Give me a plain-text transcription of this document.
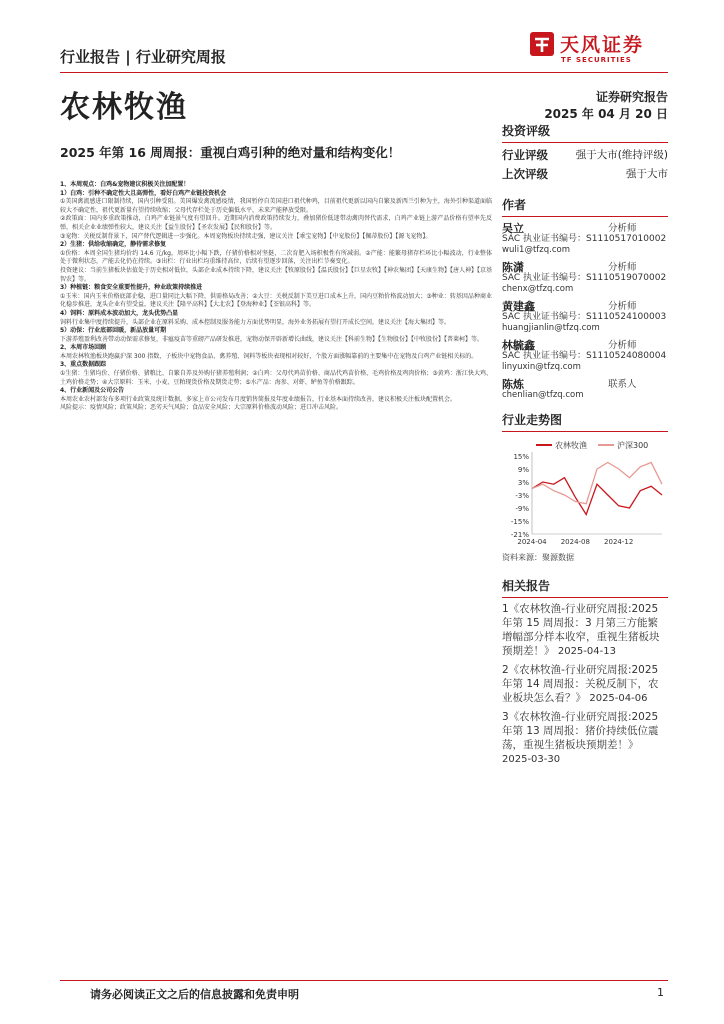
行业报告 | 行业研究周报
天风证券
TF SECURITIES
农林牧渔	证券研究报告
2025 年 04 月 20 日
投资评级
行业评级	强于大市(维持评级)
上次评级	强于大市
作者
吴立	分析师
SAC 执业证书编号：S1110517010002
wuli1@tfzq.com
陈潇	分析师
SAC 执业证书编号：S1110519070002
chenx@tfzq.com
黄建鑫	分析师
SAC 执业证书编号：S1110524100003
huangjianlin@tfzq.com
林毓鑫	分析师
SAC 执业证书编号：S1110524080004
linyuxin@tfzq.com
陈炼	联系人
chenlian@tfzq.com
行业走势图
农林牧渔	沪深300
15%
9%
3%
-3%
-9%
-15%
-21%
2024-04 2024-08 2024-12
资料来源：聚源数据
相关报告
1《农林牧渔-行业研究周报:2025 年第 15 周周报：3 月第三方能繁增幅部分样本收窄，重视生猪板块预期差！》 2025-04-13
2《农林牧渔-行业研究周报:2025 年第 14 周周报：关税反制下，农业板块怎么看？》 2025-04-06
3《农林牧渔-行业研究周报:2025 年第 13 周周报：猪价持续低位震荡，重视生猪板块预期差！》 2025-03-30
2025 年第 16 周周报：重视白鸡引种的绝对量和结构变化！

1、本周观点：白鸡&宠物建议积极关注加配置！

1）白鸡：引种不确定性大且高弹性，看好白鸡产业链投资机会

①美国禽流感进口限制持续，国内引种受阻。美国爆发禽流感疫情，我国暂停自美国进口祖代种鸡，目前祖代更新以国内自繁及新西兰引种为主，海外引种渠道面临较大不确定性，祖代更新量有望持续收缩；父母代存栏处于历史偏低水平，未来产能释放受限。

②政策面：国内多重政策推动，白鸡产业链景气度有望回升。近期国内消费政策持续发力，叠加猪价低迷带动禽肉替代需求，白鸡产业链上游产品价格有望率先反弹，相关企业业绩弹性较大，建议关注【益生股份】【圣农发展】【民和股份】等。

③宠物：关税反制背景下，国产替代逻辑进一步强化。本周宠物板块持续走强，建议关注【乖宝宠物】【中宠股份】【佩蒂股份】【源飞宠物】。

2）生猪：供给收缩确定，静待需求修复

①价格：本周全国生猪均价约 14.6 元/kg，周环比小幅下跌，仔猪价格相对坚挺，二次育肥入场积极性有所减弱。②产能：能繁母猪存栏环比小幅波动，行业整体处于微利状态，产能去化仍在持续。③出栏：行业出栏均重维持高位，后续有望逐步回落，关注出栏节奏变化。

投资建议：当前生猪板块估值处于历史相对低位，头部企业成本持续下降，建议关注【牧原股份】【温氏股份】【巨星农牧】【神农集团】【天康生物】【唐人神】【京基智农】等。

3）种植链：粮食安全重要性提升，种业政策持续推进

①玉米：国内玉米价格底部企稳，进口量同比大幅下降，供需格局改善；②大豆：关税反制下美豆进口成本上升，国内豆粕价格波动加大；③种业：转基因品种商业化稳步推进，龙头企业有望受益，建议关注【隆平高科】【大北农】【登海种业】【荃银高科】等。

4）饲料：原料成本波动加大，龙头优势凸显

饲料行业集中度持续提升，头部企业在原料采购、成本控制及服务能力方面优势明显，海外业务拓展有望打开成长空间，建议关注【海大集团】等。

5）动保：行业底部回暖，新品放量可期

下游养殖盈利改善带动动保需求修复，非瘟疫苗等重磅产品研发推进，宠物动保开辟新增长曲线，建议关注【科前生物】【生物股份】【中牧股份】【普莱柯】等。

2、本周市场回顾

本周农林牧渔板块跑赢沪深 300 指数，子板块中宠物食品、禽养殖、饲料等板块表现相对较好，个股方面涨幅靠前的主要集中在宠物及白鸡产业链相关标的。

3、重点数据跟踪

①生猪：生猪均价、仔猪价格、猪粮比、自繁自养及外购仔猪养殖利润；②白鸡：父母代鸡苗价格、商品代鸡苗价格、毛鸡价格及鸡肉价格；③黄鸡：浙江快大鸡、土鸡价格走势；④大宗原料：玉米、小麦、豆粕现货价格及期货走势；⑤水产品：海参、对虾、鲈鱼等价格跟踪。

4、行业新闻及公司公告

本周农业农村部发布多项行业政策及统计数据，多家上市公司发布月度销售简报及年度业绩报告，行业基本面持续改善，建议积极关注板块配置机会。

风险提示：疫情风险；政策风险；恶劣天气风险；食品安全风险；大宗原料价格波动风险；进口冲击风险。

请务必阅读正文之后的信息披露和免责申明	1
